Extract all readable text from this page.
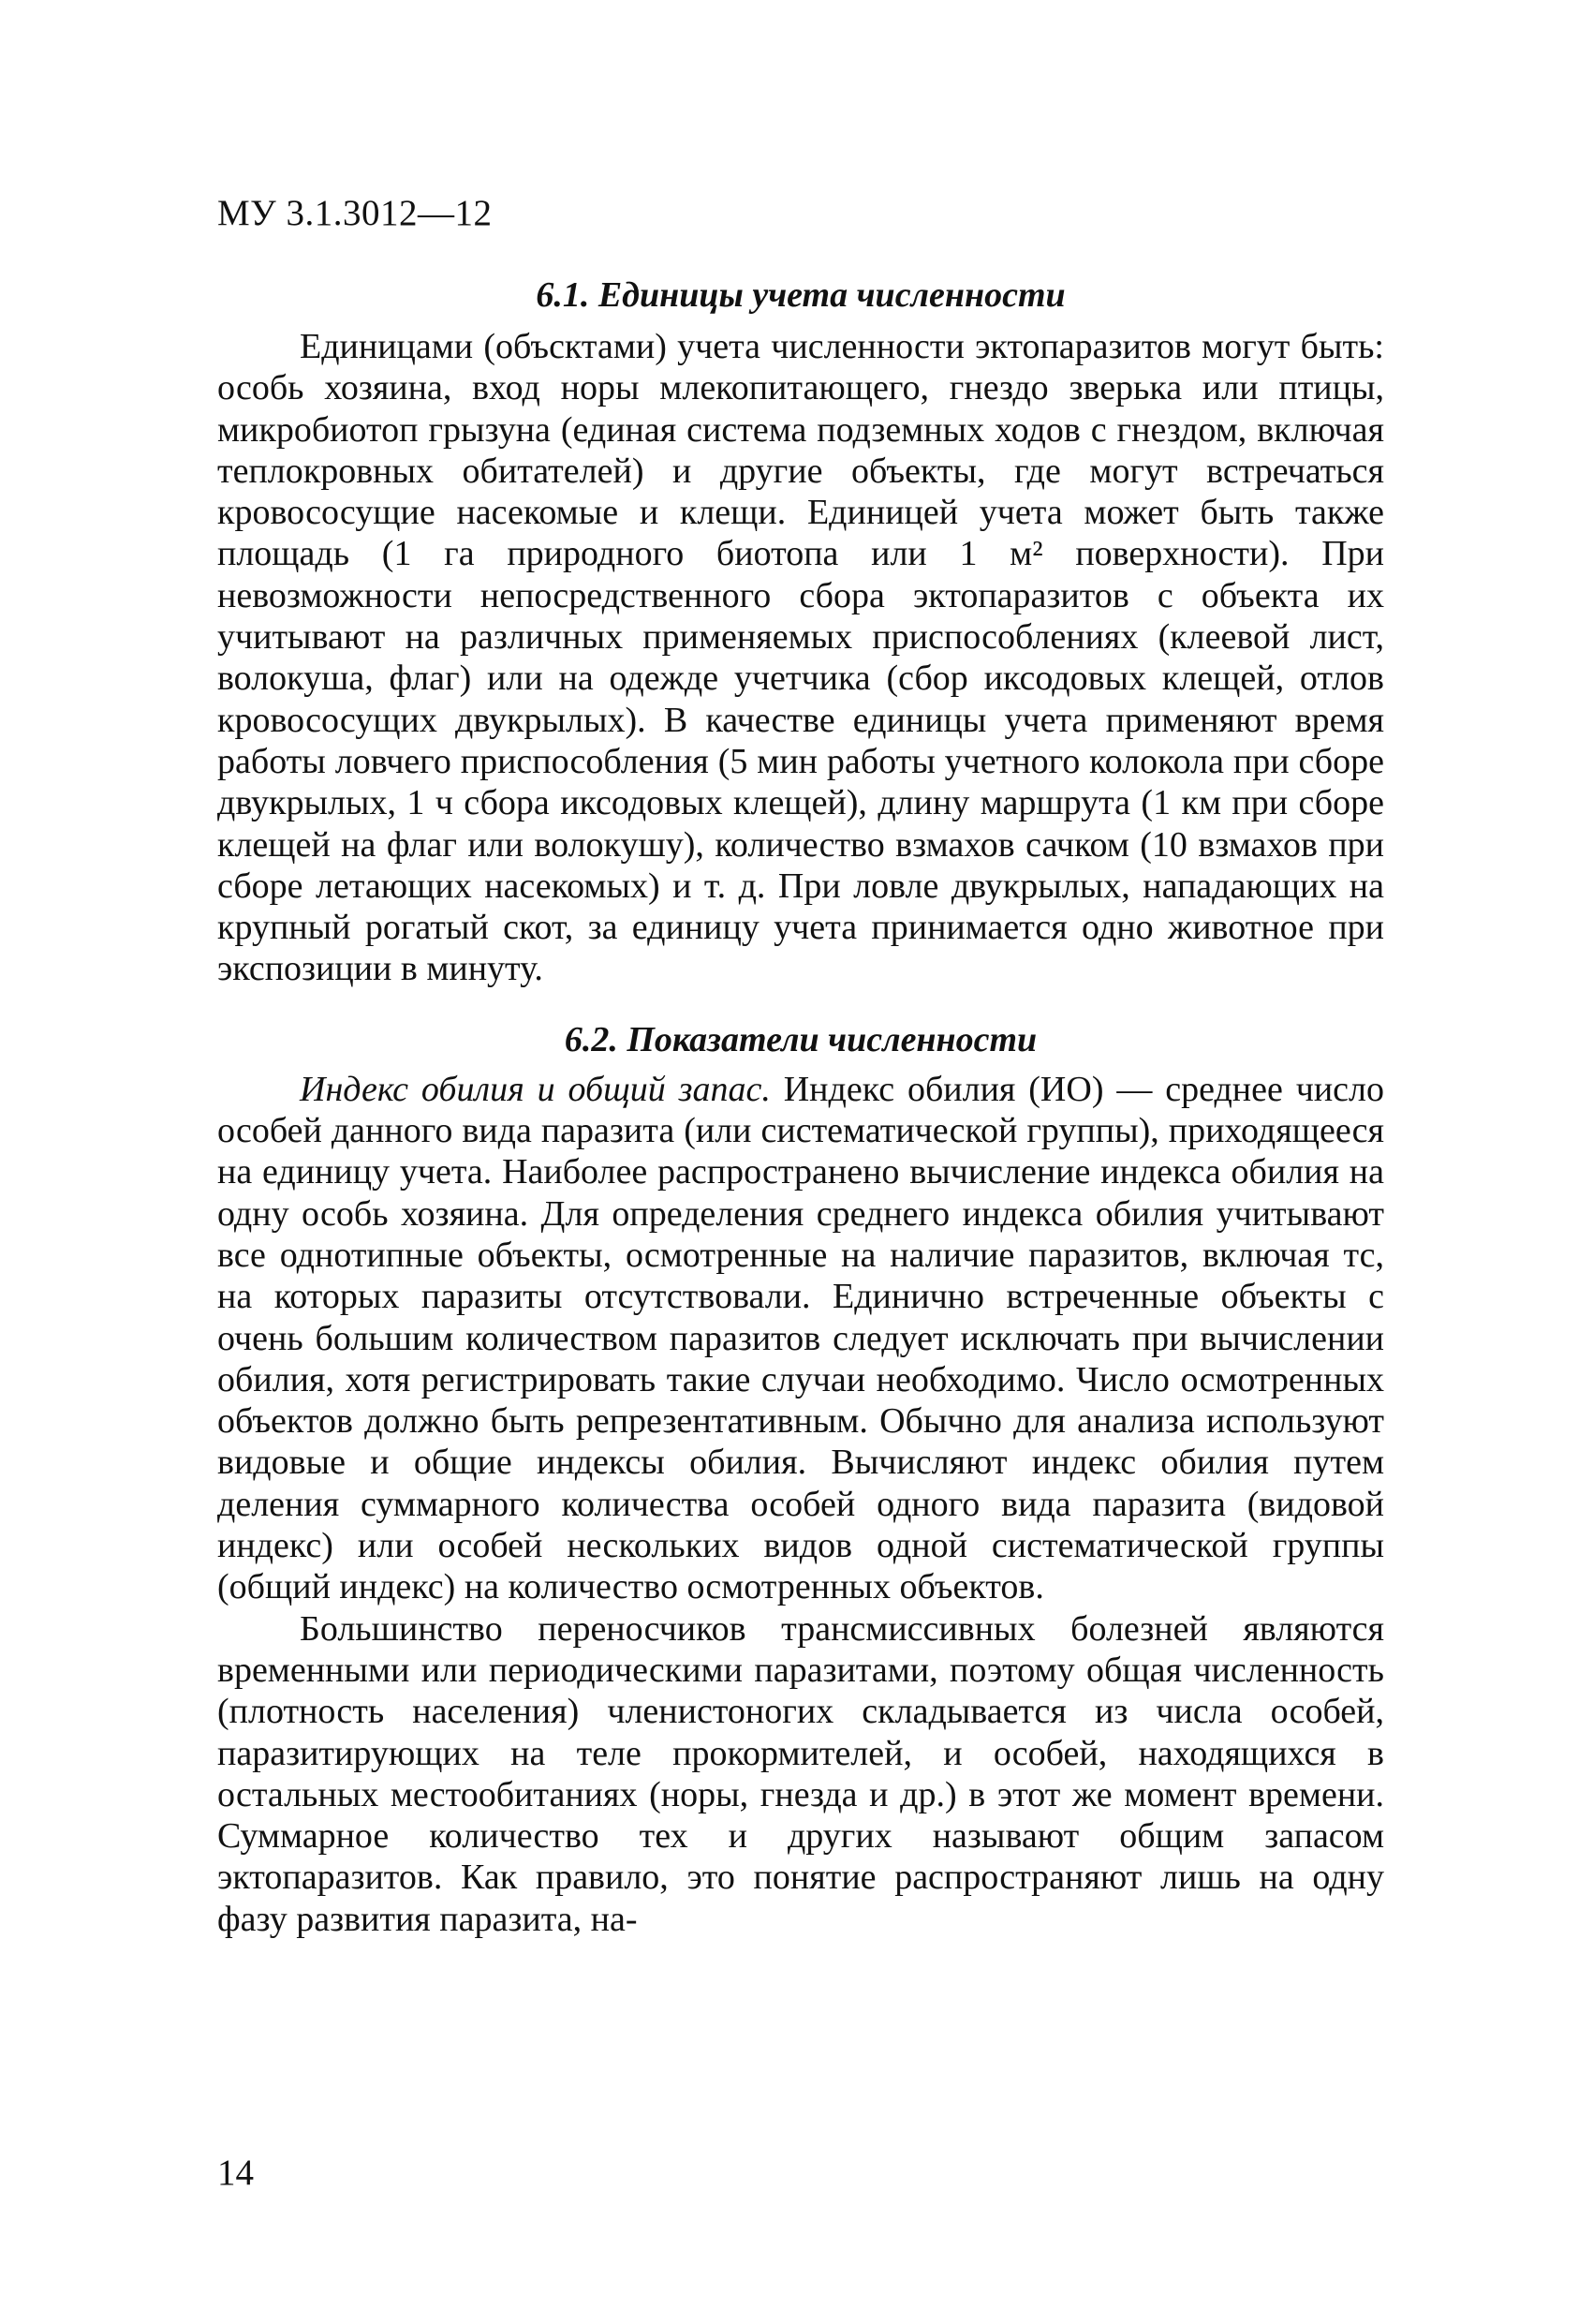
МУ 3.1.3012—12
6.1. Единицы учета численности

Единицами (объсктами) учета численности эктопаразитов могут быть: особь хозяина, вход норы млекопитающего, гнездо зверька или птицы, микробиотоп грызуна (единая система подземных ходов с гнездом, включая теплокровных обитателей) и другие объекты, где могут встречаться кровососущие насекомые и клещи. Единицей учета может быть также площадь (1 га природного биотопа или 1 м² поверхности). При невозможности непосредственного сбора эктопаразитов с объекта их учитывают на различных применяемых приспособлениях (клеевой лист, волокуша, флаг) или на одежде учетчика (сбор иксодовых клещей, отлов кровососущих двукрылых). В качестве единицы учета применяют время работы ловчего приспособления (5 мин работы учетного колокола при сборе двукрылых, 1 ч сбора иксодовых клещей), длину маршрута (1 км при сборе клещей на флаг или волокушу), количество взмахов сачком (10 взмахов при сборе летающих насекомых) и т. д. При ловле двукрылых, нападающих на крупный рогатый скот, за единицу учета принимается одно животное при экспозиции в минуту.

6.2. Показатели численности

Индекс обилия и общий запас. Индекс обилия (ИО) — среднее число особей данного вида паразита (или систематической группы), приходящееся на единицу учета. Наиболее распространено вычисление индекса обилия на одну особь хозяина. Для определения среднего индекса обилия учитывают все однотипные объекты, осмотренные на наличие паразитов, включая тс, на которых паразиты отсутствовали. Единично встреченные объекты с очень большим количеством паразитов следует исключать при вычислении обилия, хотя регистрировать такие случаи необходимо. Число осмотренных объектов должно быть репрезентативным. Обычно для анализа используют видовые и общие индексы обилия. Вычисляют индекс обилия путем деления суммарного количества особей одного вида паразита (видовой индекс) или особей нескольких видов одной систематической группы (общий индекс) на количество осмотренных объектов.

Большинство переносчиков трансмиссивных болезней являются временными или периодическими паразитами, поэтому общая численность (плотность населения) членистоногих складывается из числа особей, паразитирующих на теле прокормителей, и особей, находящихся в остальных местообитаниях (норы, гнезда и др.) в этот же момент времени. Суммарное количество тех и других называют общим запасом эктопаразитов. Как правило, это понятие распространяют лишь на одну фазу развития паразита, на-

14
